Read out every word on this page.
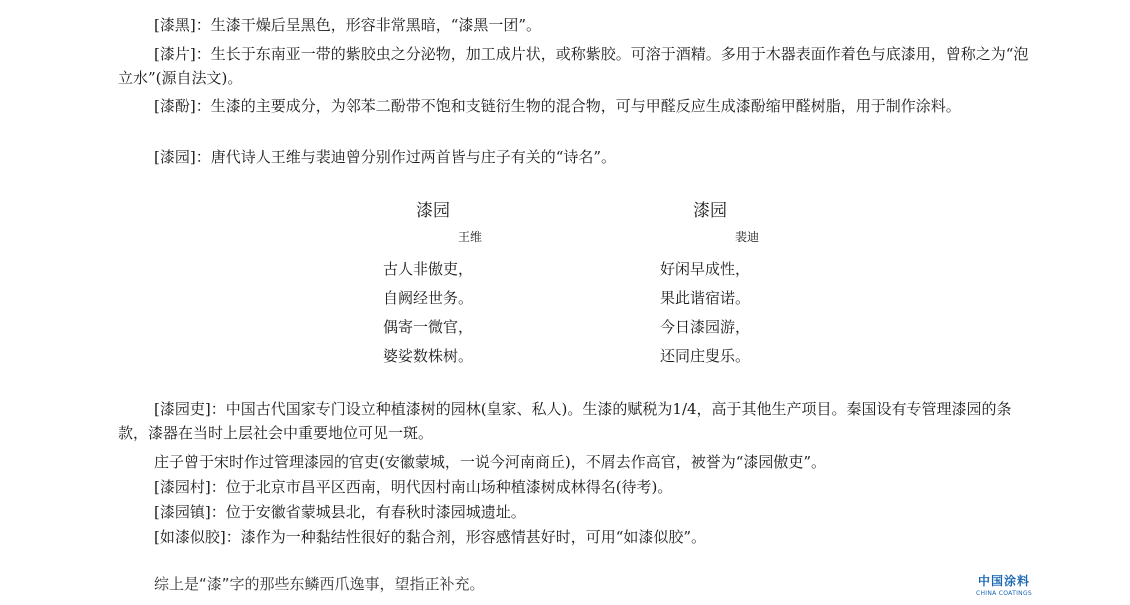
[漆黑]：生漆干燥后呈黑色，形容非常黑暗，“漆黑一团”。

[漆片]：生长于东南亚一带的紫胶虫之分泌物，加工成片状，或称紫胶。可溶于酒精。多用于木器表面作着色与底漆用，曾称之为“泡立水”(源自法文)。

[漆酚]：生漆的主要成分，为邻苯二酚带不饱和支链衍生物的混合物，可与甲醛反应生成漆酚缩甲醛树脂，用于制作涂料。

[漆园]：唐代诗人王维与裴迪曾分别作过两首皆与庄子有关的“诗名”。

漆园
王维
古人非傲吏，
自阙经世务。
偶寄一微官，
婆娑数株树。
漆园
裴迪
好闲早成性，
果此谐宿诺。
今日漆园游，
还同庄叟乐。

[漆园吏]：中国古代国家专门设立种植漆树的园林(皇家、私人)。生漆的赋税为1/4，高于其他生产项目。秦国设有专管理漆园的条款，漆器在当时上层社会中重要地位可见一斑。

庄子曾于宋时作过管理漆园的官吏(安徽蒙城，一说今河南商丘)，不屑去作高官，被誉为“漆园傲吏”。

[漆园村]：位于北京市昌平区西南，明代因村南山场种植漆树成林得名(待考)。

[漆园镇]：位于安徽省蒙城县北，有春秋时漆园城遗址。

[如漆似胶]：漆作为一种黏结性很好的黏合剂，形容感情甚好时，可用“如漆似胶”。

综上是“漆”字的那些东鳞西爪逸事，望指正补充。	中国涂料
CHINA COATINGS
